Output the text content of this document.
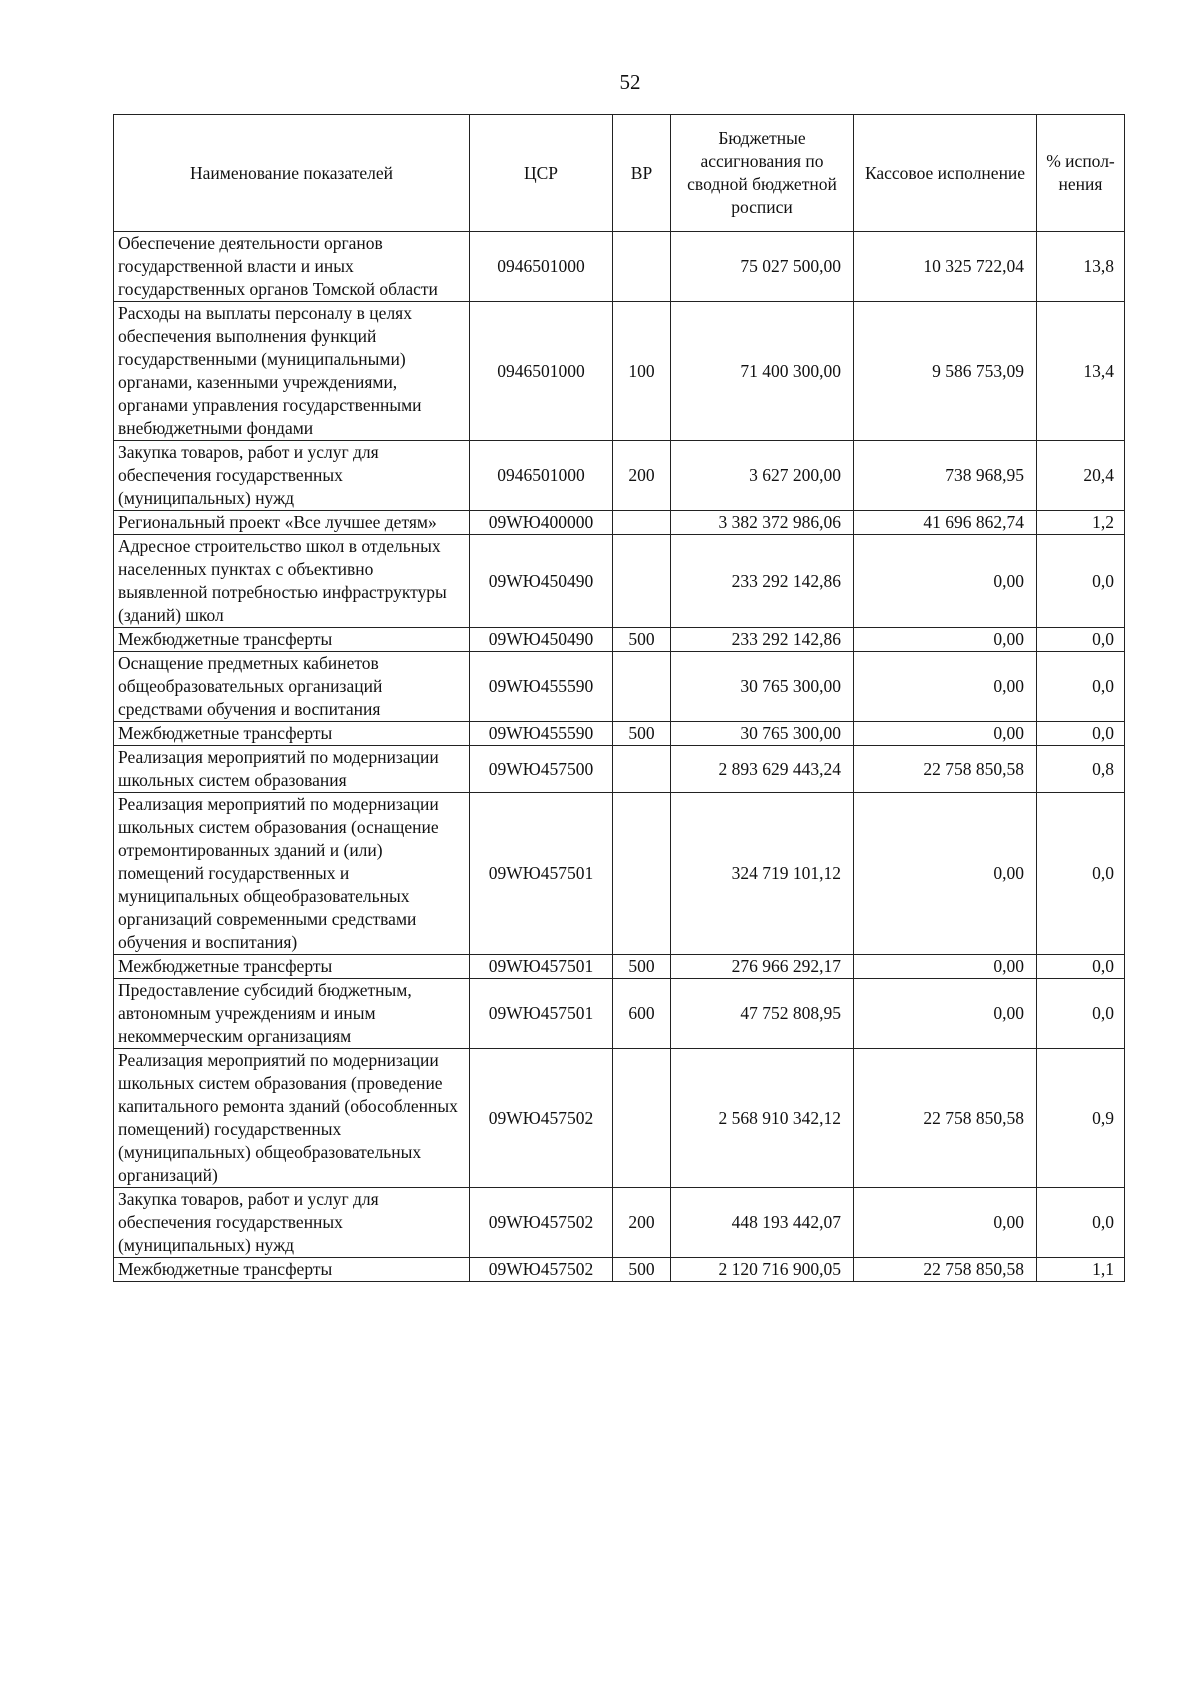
52
Наименование показателей	ЦСР	ВР	Бюджетные ассигнования по сводной бюджетной росписи	Кассовое исполнение	% испол-нения
Обеспечение деятельности органов государственной власти и иных государственных органов Томской области	0946501000		75 027 500,00	10 325 722,04	13,8
Расходы на выплаты персоналу в целях обеспечения выполнения функций государственными (муниципальными) органами, казенными учреждениями, органами управления государственными внебюджетными фондами	0946501000	100	71 400 300,00	9 586 753,09	13,4
Закупка товаров, работ и услуг для обеспечения государственных (муниципальных) нужд	0946501000	200	3 627 200,00	738 968,95	20,4
Региональный проект «Все лучшее детям»	09WЮ400000		3 382 372 986,06	41 696 862,74	1,2
Адресное строительство школ в отдельных населенных пунктах с объективно выявленной потребностью инфраструктуры (зданий) школ	09WЮ450490		233 292 142,86	0,00	0,0
Межбюджетные трансферты	09WЮ450490	500	233 292 142,86	0,00	0,0
Оснащение предметных кабинетов общеобразовательных организаций средствами обучения и воспитания	09WЮ455590		30 765 300,00	0,00	0,0
Межбюджетные трансферты	09WЮ455590	500	30 765 300,00	0,00	0,0
Реализация мероприятий по модернизации школьных систем образования	09WЮ457500		2 893 629 443,24	22 758 850,58	0,8
Реализация мероприятий по модернизации школьных систем образования (оснащение отремонтированных зданий и (или) помещений государственных и муниципальных общеобразовательных организаций современными средствами обучения и воспитания)	09WЮ457501		324 719 101,12	0,00	0,0
Межбюджетные трансферты	09WЮ457501	500	276 966 292,17	0,00	0,0
Предоставление субсидий бюджетным, автономным учреждениям и иным некоммерческим организациям	09WЮ457501	600	47 752 808,95	0,00	0,0
Реализация мероприятий по модернизации школьных систем образования (проведение капитального ремонта зданий (обособленных помещений) государственных (муниципальных) общеобразовательных организаций)	09WЮ457502		2 568 910 342,12	22 758 850,58	0,9
Закупка товаров, работ и услуг для обеспечения государственных (муниципальных) нужд	09WЮ457502	200	448 193 442,07	0,00	0,0
Межбюджетные трансферты	09WЮ457502	500	2 120 716 900,05	22 758 850,58	1,1
